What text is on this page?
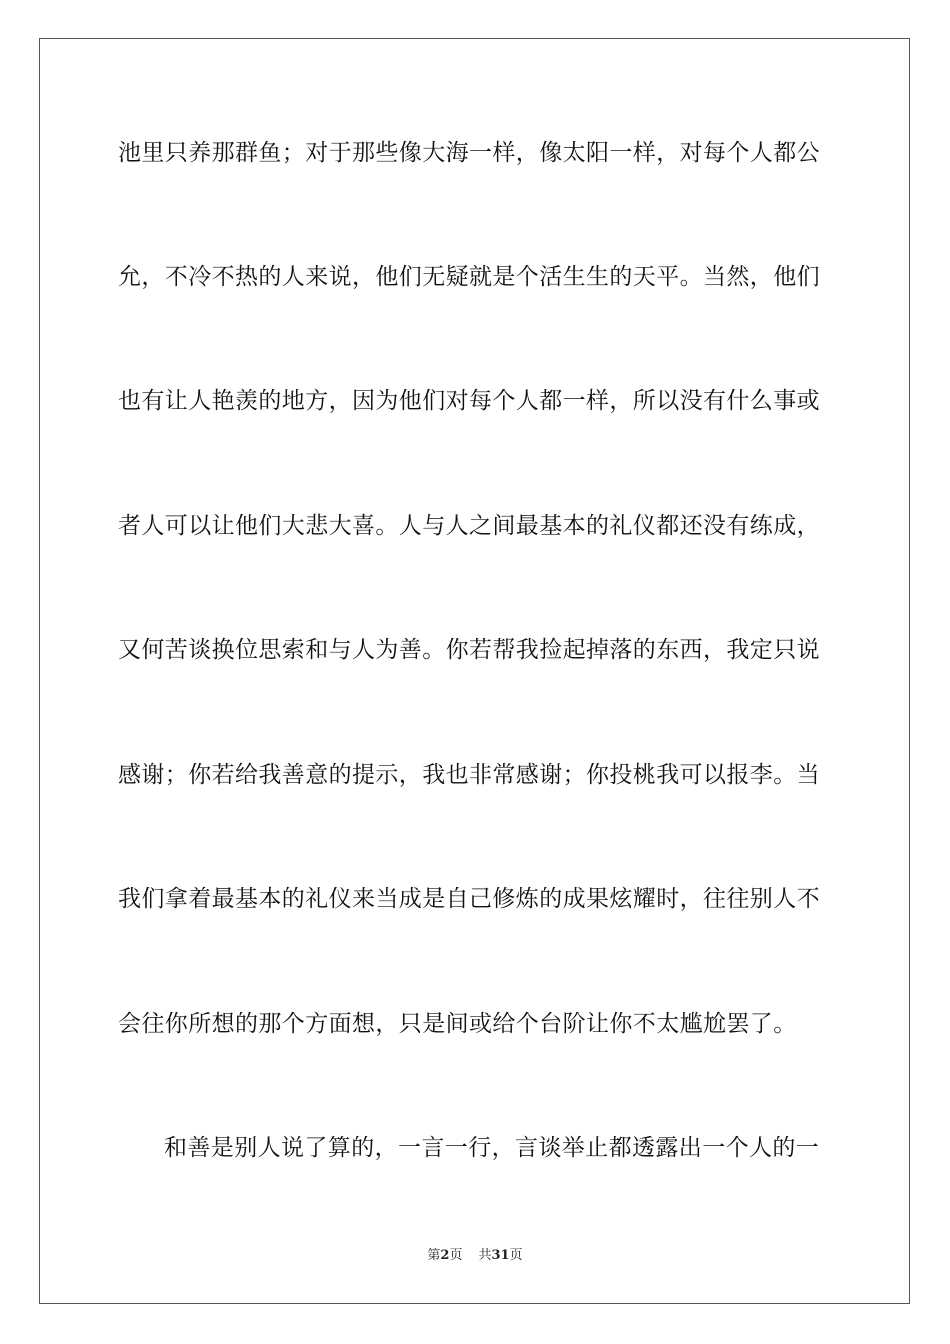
池里只养那群鱼；对于那些像大海一样，像太阳一样，对每个人都公
允，不冷不热的人来说，他们无疑就是个活生生的天平。当然，他们
也有让人艳羡的地方，因为他们对每个人都一样，所以没有什么事或
者人可以让他们大悲大喜。人与人之间最基本的礼仪都还没有练成，
又何苦谈换位思索和与人为善。你若帮我捡起掉落的东西，我定只说
感谢；你若给我善意的提示，我也非常感谢；你投桃我可以报李。当
我们拿着最基本的礼仪来当成是自己修炼的成果炫耀时，往往别人不
会往你所想的那个方面想，只是间或给个台阶让你不太尴尬罢了。
和善是别人说了算的，一言一行，言谈举止都透露出一个人的一
第2页 共31页
